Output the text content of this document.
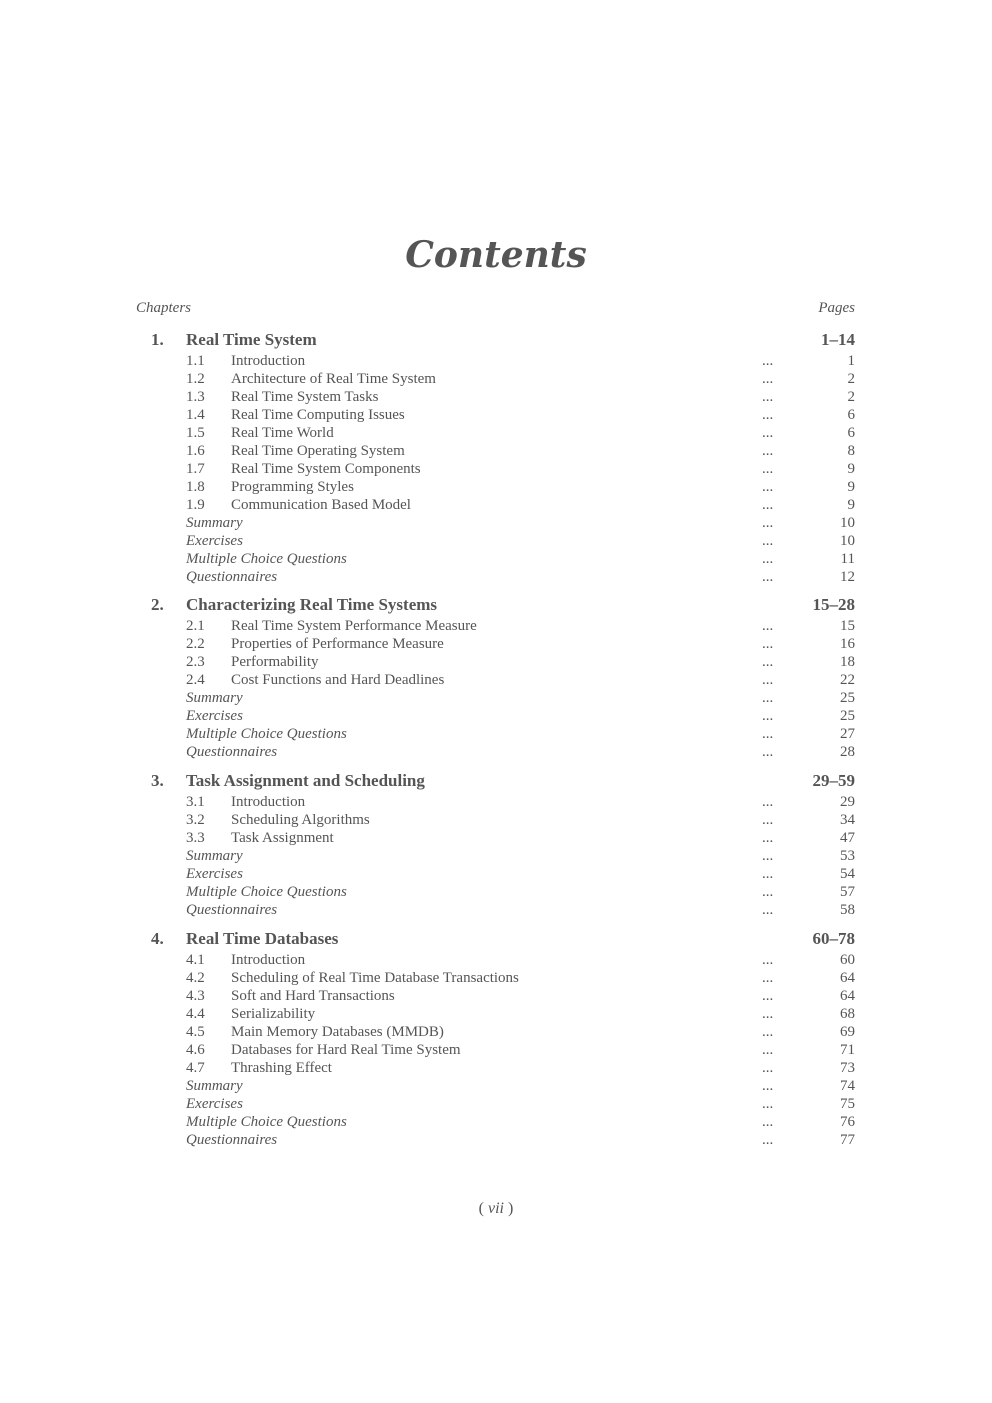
Contents
Chapters	Pages
1. Real Time System	1–14
1.1 Introduction	...	1
1.2 Architecture of Real Time System	...	2
1.3 Real Time System Tasks	...	2
1.4 Real Time Computing Issues	...	6
1.5 Real Time World	...	6
1.6 Real Time Operating System	...	8
1.7 Real Time System Components	...	9
1.8 Programming Styles	...	9
1.9 Communication Based Model	...	9
Summary	...	10
Exercises	...	10
Multiple Choice Questions	...	11
Questionnaires	...	12
2. Characterizing Real Time Systems	15–28
2.1 Real Time System Performance Measure	...	15
2.2 Properties of Performance Measure	...	16
2.3 Performability	...	18
2.4 Cost Functions and Hard Deadlines	...	22
Summary	...	25
Exercises	...	25
Multiple Choice Questions	...	27
Questionnaires	...	28
3. Task Assignment and Scheduling	29–59
3.1 Introduction	...	29
3.2 Scheduling Algorithms	...	34
3.3 Task Assignment	...	47
Summary	...	53
Exercises	...	54
Multiple Choice Questions	...	57
Questionnaires	...	58
4. Real Time Databases	60–78
4.1 Introduction	...	60
4.2 Scheduling of Real Time Database Transactions	...	64
4.3 Soft and Hard Transactions	...	64
4.4 Serializability	...	68
4.5 Main Memory Databases (MMDB)	...	69
4.6 Databases for Hard Real Time System	...	71
4.7 Thrashing Effect	...	73
Summary	...	74
Exercises	...	75
Multiple Choice Questions	...	76
Questionnaires	...	77
( vii )
